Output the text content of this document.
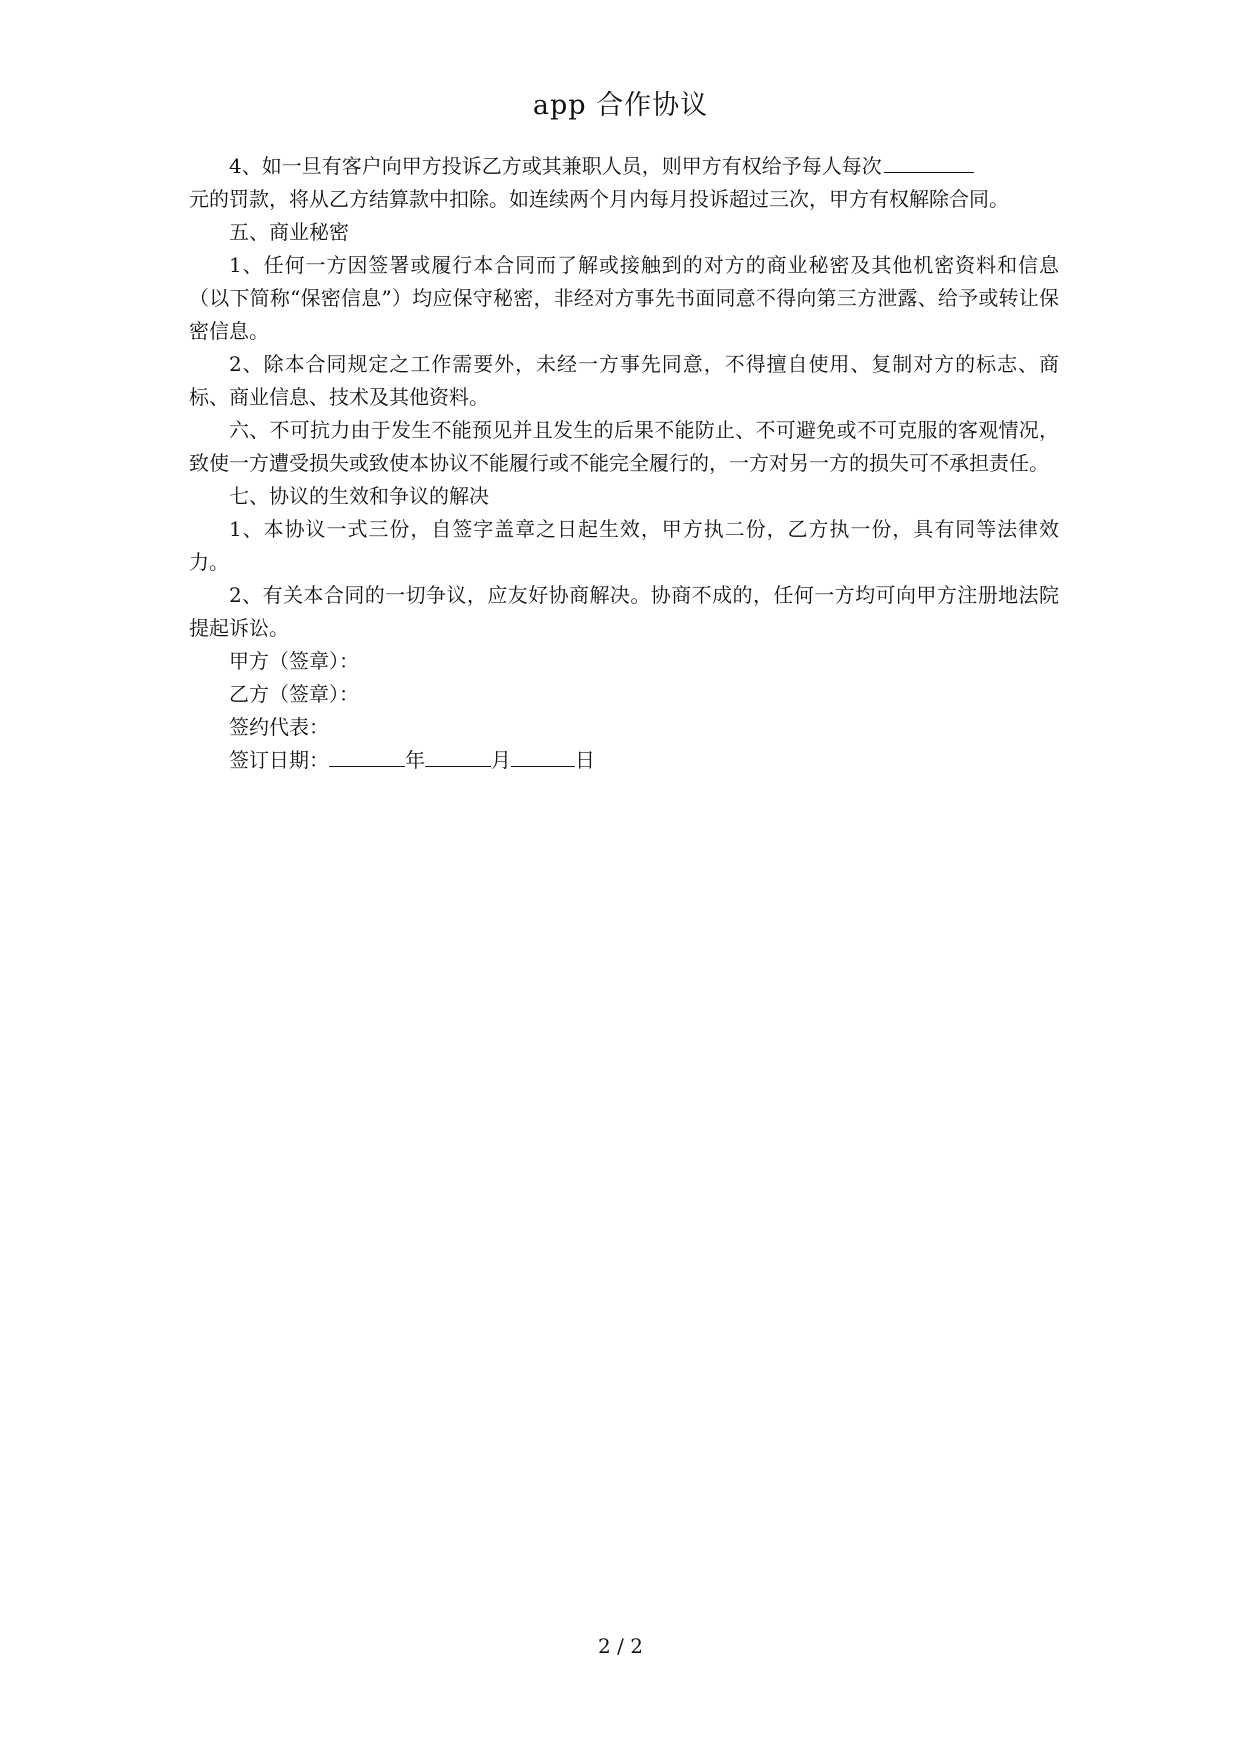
app 合作协议

4、如一旦有客户向甲方投诉乙方或其兼职人员，则甲方有权给予每人每次

元的罚款，将从乙方结算款中扣除。如连续两个月内每月投诉超过三次，甲方有权解除合同。

五、商业秘密

1、任何一方因签署或履行本合同而了解或接触到的对方的商业秘密及其他机密资料和信息（以下简称“保密信息”）均应保守秘密，非经对方事先书面同意不得向第三方泄露、给予或转让保密信息。

2、除本合同规定之工作需要外，未经一方事先同意，不得擅自使用、复制对方的标志、商标、商业信息、技术及其他资料。

六、不可抗力由于发生不能预见并且发生的后果不能防止、不可避免或不可克服的客观情况，致使一方遭受损失或致使本协议不能履行或不能完全履行的，一方对另一方的损失可不承担责任。

七、协议的生效和争议的解决

1、本协议一式三份，自签字盖章之日起生效，甲方执二份，乙方执一份，具有同等法律效力。

2、有关本合同的一切争议，应友好协商解决。协商不成的，任何一方均可向甲方注册地法院提起诉讼。

甲方（签章）：

乙方（签章）：

签约代表：

签订日期：	年	月	日

2 / 2
